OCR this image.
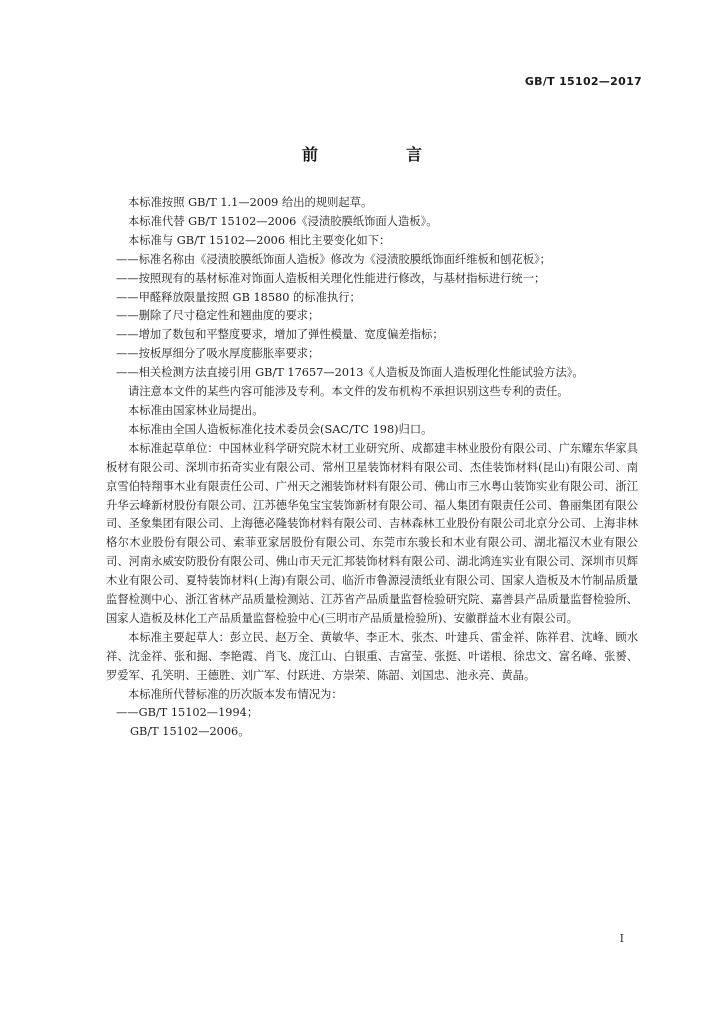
GB/T 15102—2017
前　言

本标准按照 GB/T 1.1—2009 给出的规则起草。

本标准代替 GB/T 15102—2006《浸渍胶膜纸饰面人造板》。

本标准与 GB/T 15102—2006 相比主要变化如下：

——标准名称由《浸渍胶膜纸饰面人造板》修改为《浸渍胶膜纸饰面纤维板和刨花板》；

——按照现有的基材标准对饰面人造板相关理化性能进行修改，与基材指标进行统一；

——甲醛释放限量按照 GB 18580 的标准执行；

——删除了尺寸稳定性和翘曲度的要求；

——增加了数包和平整度要求，增加了弹性模量、宽度偏差指标；

——按板厚细分了吸水厚度膨胀率要求；

——相关检测方法直接引用 GB/T 17657—2013《人造板及饰面人造板理化性能试验方法》。

请注意本文件的某些内容可能涉及专利。本文件的发布机构不承担识别这些专利的责任。

本标准由国家林业局提出。

本标准由全国人造板标准化技术委员会(SAC/TC 198)归口。

本标准起草单位：中国林业科学研究院木材工业研究所、成都建丰林业股份有限公司、广东耀东华家具板材有限公司、深圳市拓奇实业有限公司、常州卫星装饰材料有限公司、杰佳装饰材料(昆山)有限公司、南京雪伯特翔事木业有限责任公司、广州天之湘装饰材料有限公司、佛山市三水粤山装饰实业有限公司、浙江升华云峰新材股份有限公司、江苏德华兔宝宝装饰新材有限公司、福人集团有限责任公司、鲁丽集团有限公司、圣象集团有限公司、上海德必隆装饰材料有限公司、吉林森林工业股份有限公司北京分公司、上海非林格尔木业股份有限公司、索菲亚家居股份有限公司、东莞市东骏长和木业有限公司、湖北福汉木业有限公司、河南永威安防股份有限公司、佛山市天元汇邦装饰材料有限公司、湖北鸿连实业有限公司、深圳市贝辉木业有限公司、夏特装饰材料(上海)有限公司、临沂市鲁源浸渍纸业有限公司、国家人造板及木竹制品质量监督检测中心、浙江省林产品质量检测站、江苏省产品质量监督检验研究院、嘉善县产品质量监督检验所、国家人造板及林化工产品质量监督检验中心(三明市产品质量检验所)、安徽群益木业有限公司。

本标准主要起草人：彭立民、赵万全、黄敏华、李正木、张杰、叶建兵、雷金祥、陈祥君、沈峰、顾水祥、沈金祥、张和掘、李艳霞、肖飞、庞江山、白银重、吉富莹、张挺、叶诺根、徐忠文、富名峰、张赟、罗爱军、孔笑明、王德胜、刘广军、付跃进、方崇荣、陈韶、刘国忠、池永亮、黄晶。

本标准所代替标准的历次版本发布情况为：

——GB/T 15102—1994；

GB/T 15102—2006。

I
